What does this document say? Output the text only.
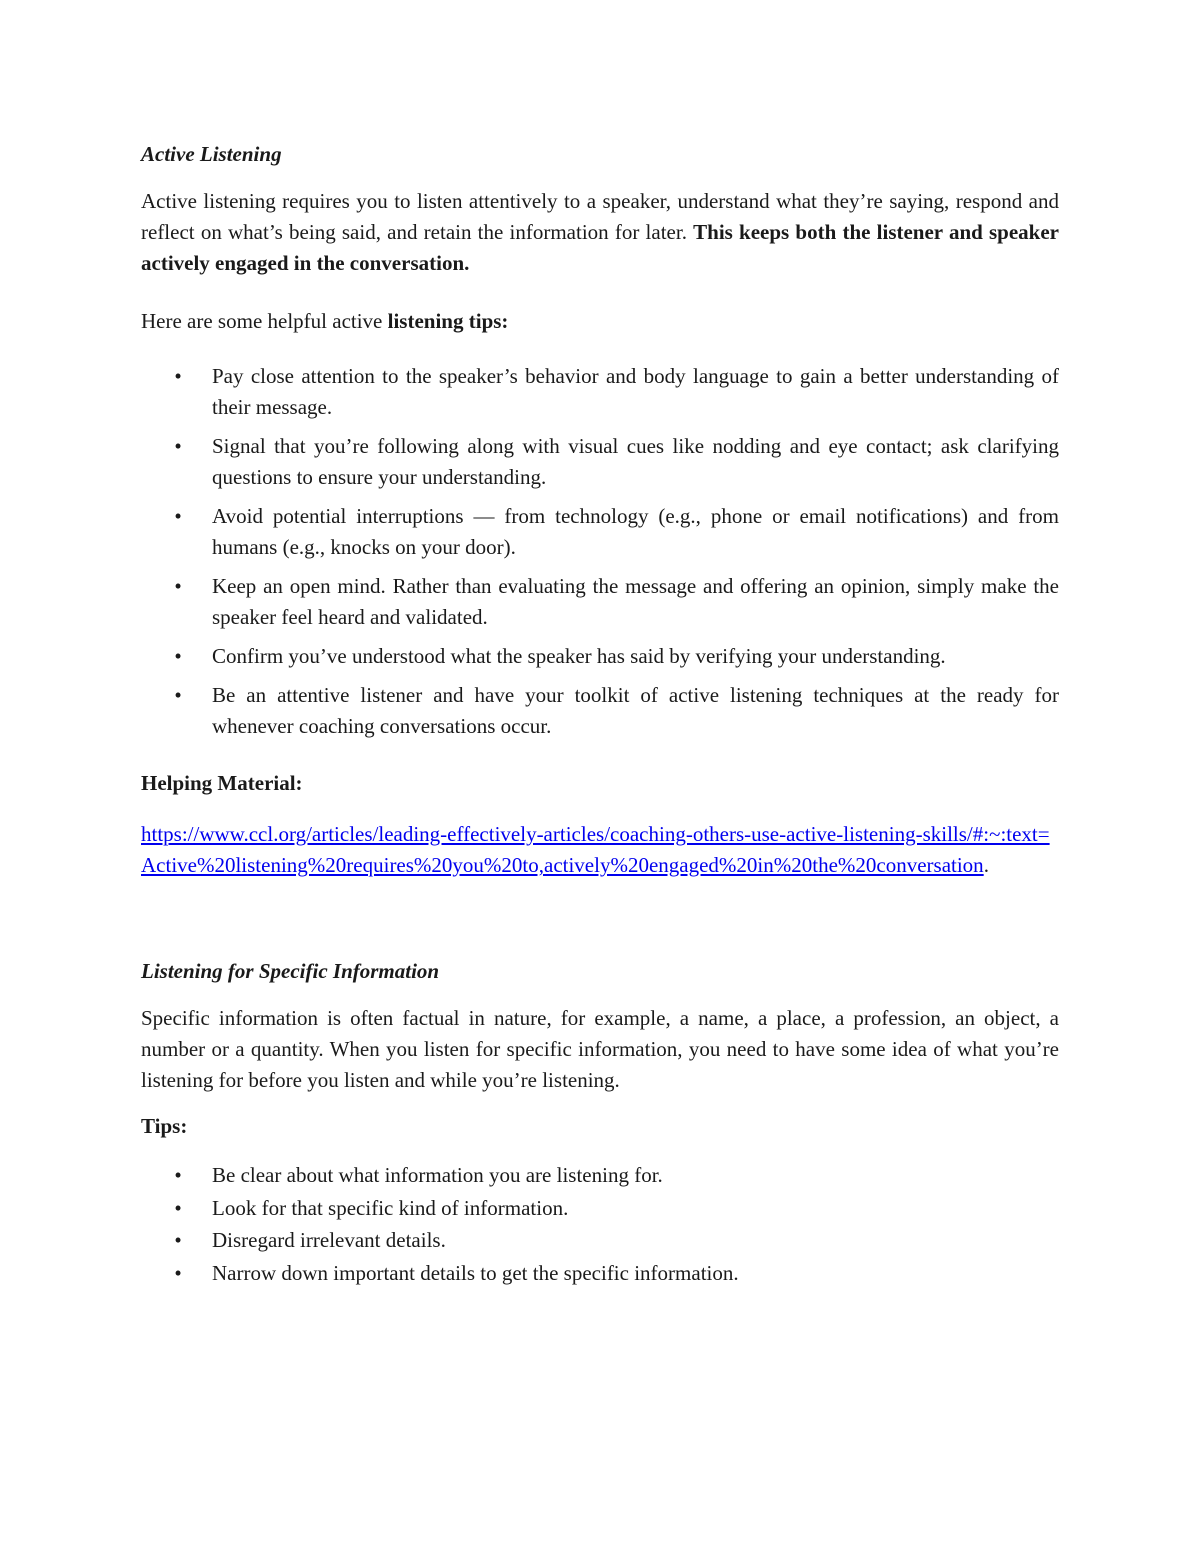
Active Listening

Active listening requires you to listen attentively to a speaker, understand what they’re saying, respond and reflect on what’s being said, and retain the information for later. This keeps both the listener and speaker actively engaged in the conversation.

Here are some helpful active listening tips:

• Pay close attention to the speaker’s behavior and body language to gain a better understanding of their message.
• Signal that you’re following along with visual cues like nodding and eye contact; ask clarifying questions to ensure your understanding.
• Avoid potential interruptions — from technology (e.g., phone or email notifications) and from humans (e.g., knocks on your door).
• Keep an open mind. Rather than evaluating the message and offering an opinion, simply make the speaker feel heard and validated.
• Confirm you’ve understood what the speaker has said by verifying your understanding.
• Be an attentive listener and have your toolkit of active listening techniques at the ready for whenever coaching conversations occur.

Helping Material:

https://www.ccl.org/articles/leading-effectively-articles/coaching-others-use-active-listening-skills/#:~:text=Active%20listening%20requires%20you%20to,actively%20engaged%20in%20the%20conversation.

Listening for Specific Information

Specific information is often factual in nature, for example, a name, a place, a profession, an object, a number or a quantity. When you listen for specific information, you need to have some idea of what you’re listening for before you listen and while you’re listening.

Tips:

• Be clear about what information you are listening for.
• Look for that specific kind of information.
• Disregard irrelevant details.
• Narrow down important details to get the specific information.
